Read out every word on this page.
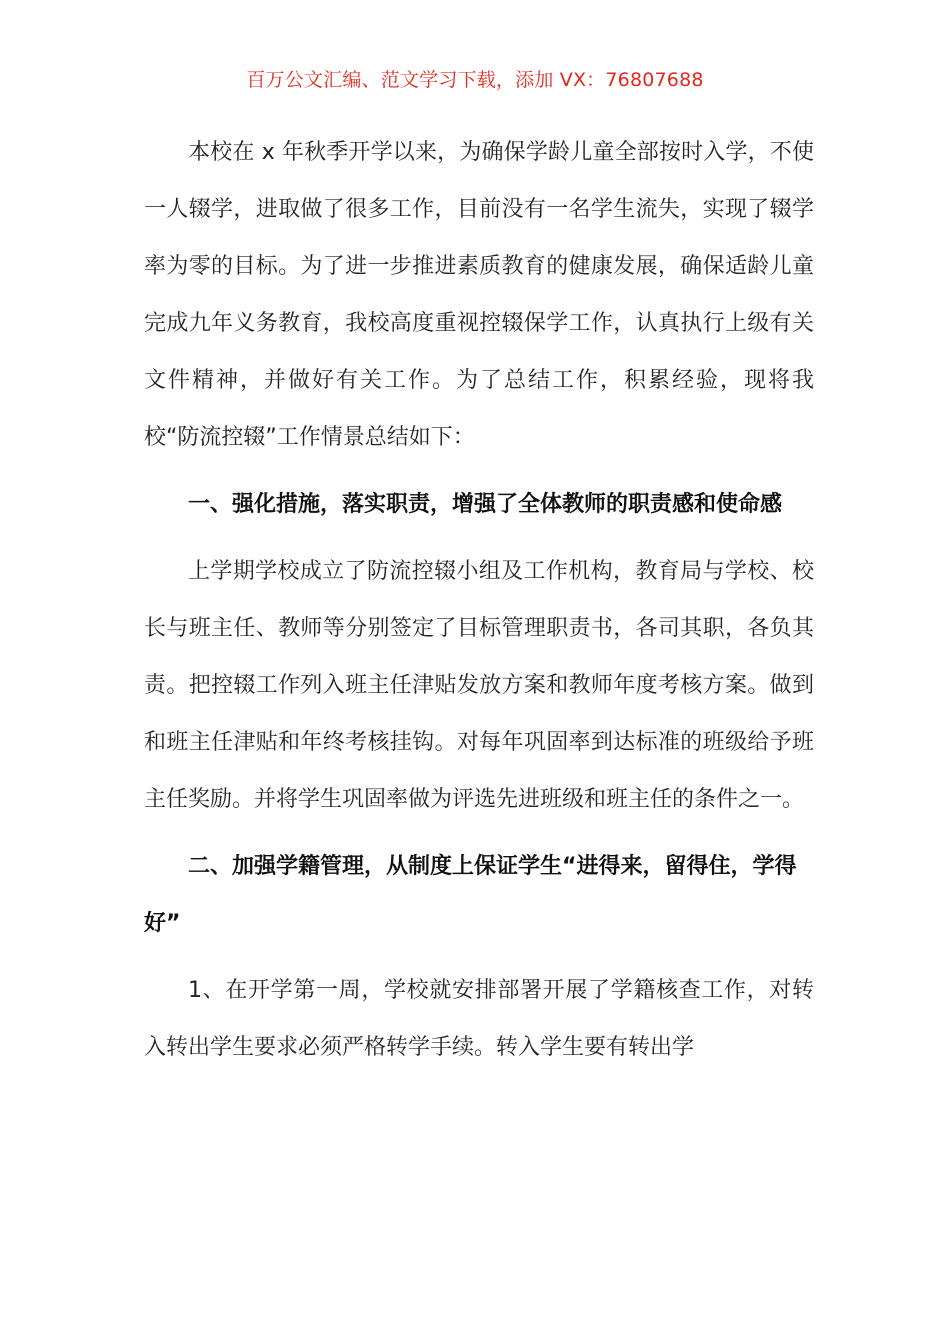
百万公文汇编、范文学习下载，添加 VX：76807688

本校在 x 年秋季开学以来，为确保学龄儿童全部按时入学，不使一人辍学，进取做了很多工作，目前没有一名学生流失，实现了辍学率为零的目标。为了进一步推进素质教育的健康发展，确保适龄儿童完成九年义务教育，我校高度重视控辍保学工作，认真执行上级有关文件精神，并做好有关工作。为了总结工作，积累经验，现将我校“防流控辍”工作情景总结如下：

一、强化措施，落实职责，增强了全体教师的职责感和使命感

上学期学校成立了防流控辍小组及工作机构，教育局与学校、校长与班主任、教师等分别签定了目标管理职责书，各司其职，各负其责。把控辍工作列入班主任津贴发放方案和教师年度考核方案。做到和班主任津贴和年终考核挂钩。对每年巩固率到达标准的班级给予班主任奖励。并将学生巩固率做为评选先进班级和班主任的条件之一。

二、加强学籍管理，从制度上保证学生“进得来，留得住，学得好”

1、在开学第一周，学校就安排部署开展了学籍核查工作，对转入转出学生要求必须严格转学手续。转入学生要有转出学
